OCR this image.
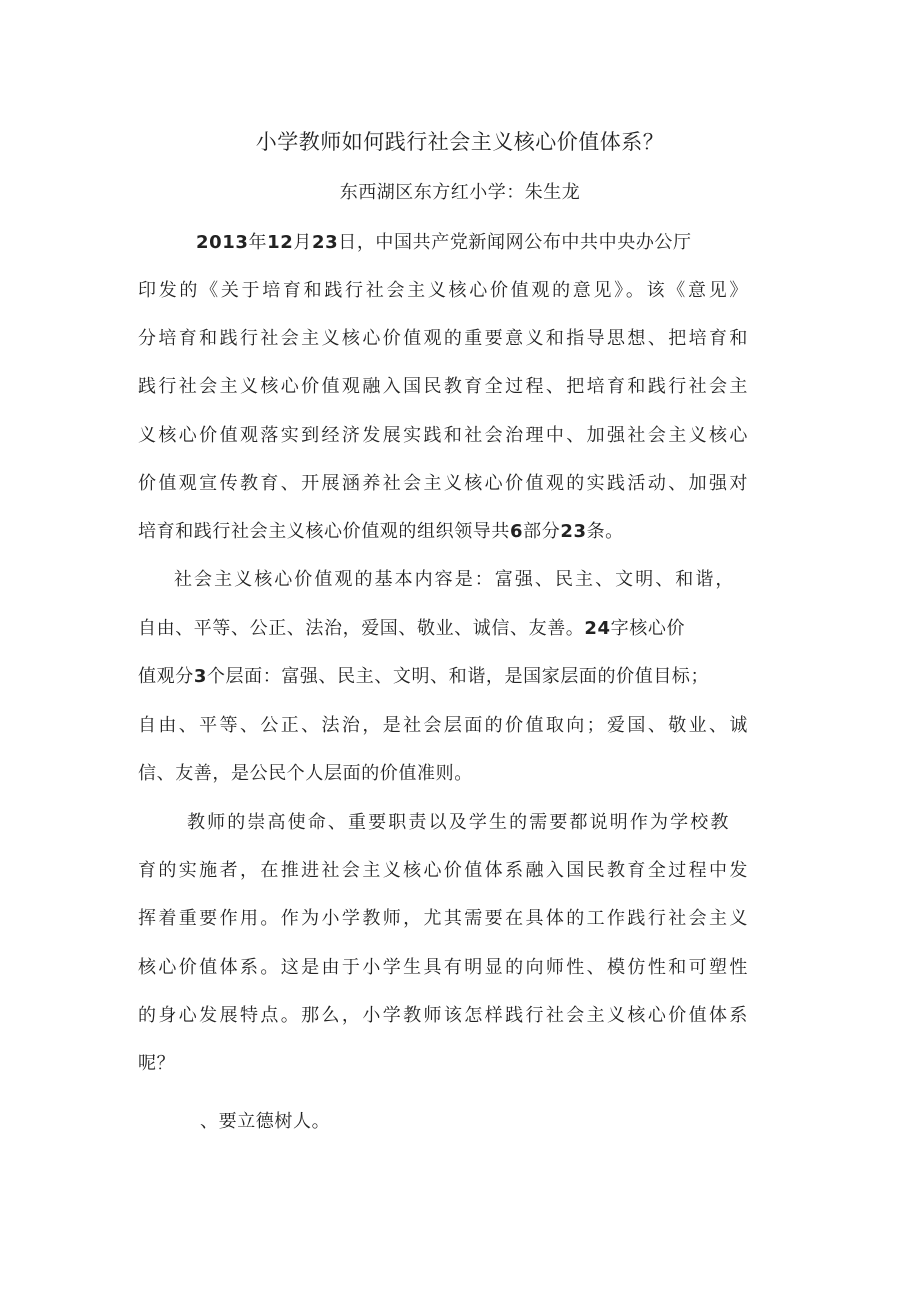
小学教师如何践行社会主义核心价值体系？
东西湖区东方红小学：朱生龙
2013年12月23日，中国共产党新闻网公布中共中央办公厅
印发的《关于培育和践行社会主义核心价值观的意见》。该《意见》
分培育和践行社会主义核心价值观的重要意义和指导思想、把培育和
践行社会主义核心价值观融入国民教育全过程、把培育和践行社会主
义核心价值观落实到经济发展实践和社会治理中、加强社会主义核心
价值观宣传教育、开展涵养社会主义核心价值观的实践活动、加强对
培育和践行社会主义核心价值观的组织领导共6部分23条。
社会主义核心价值观的基本内容是：富强、民主、文明、和谐，
自由、平等、公正、法治，爱国、敬业、诚信、友善。24字核心价
值观分3个层面：富强、民主、文明、和谐，是国家层面的价值目标；
自由、平等、公正、法治，是社会层面的价值取向；爱国、敬业、诚
信、友善，是公民个人层面的价值准则。
教师的崇高使命、重要职责以及学生的需要都说明作为学校教
育的实施者，在推进社会主义核心价值体系融入国民教育全过程中发
挥着重要作用。作为小学教师，尤其需要在具体的工作践行社会主义
核心价值体系。这是由于小学生具有明显的向师性、模仿性和可塑性
的身心发展特点。那么，小学教师该怎样践行社会主义核心价值体系
呢？
、要立德树人。
